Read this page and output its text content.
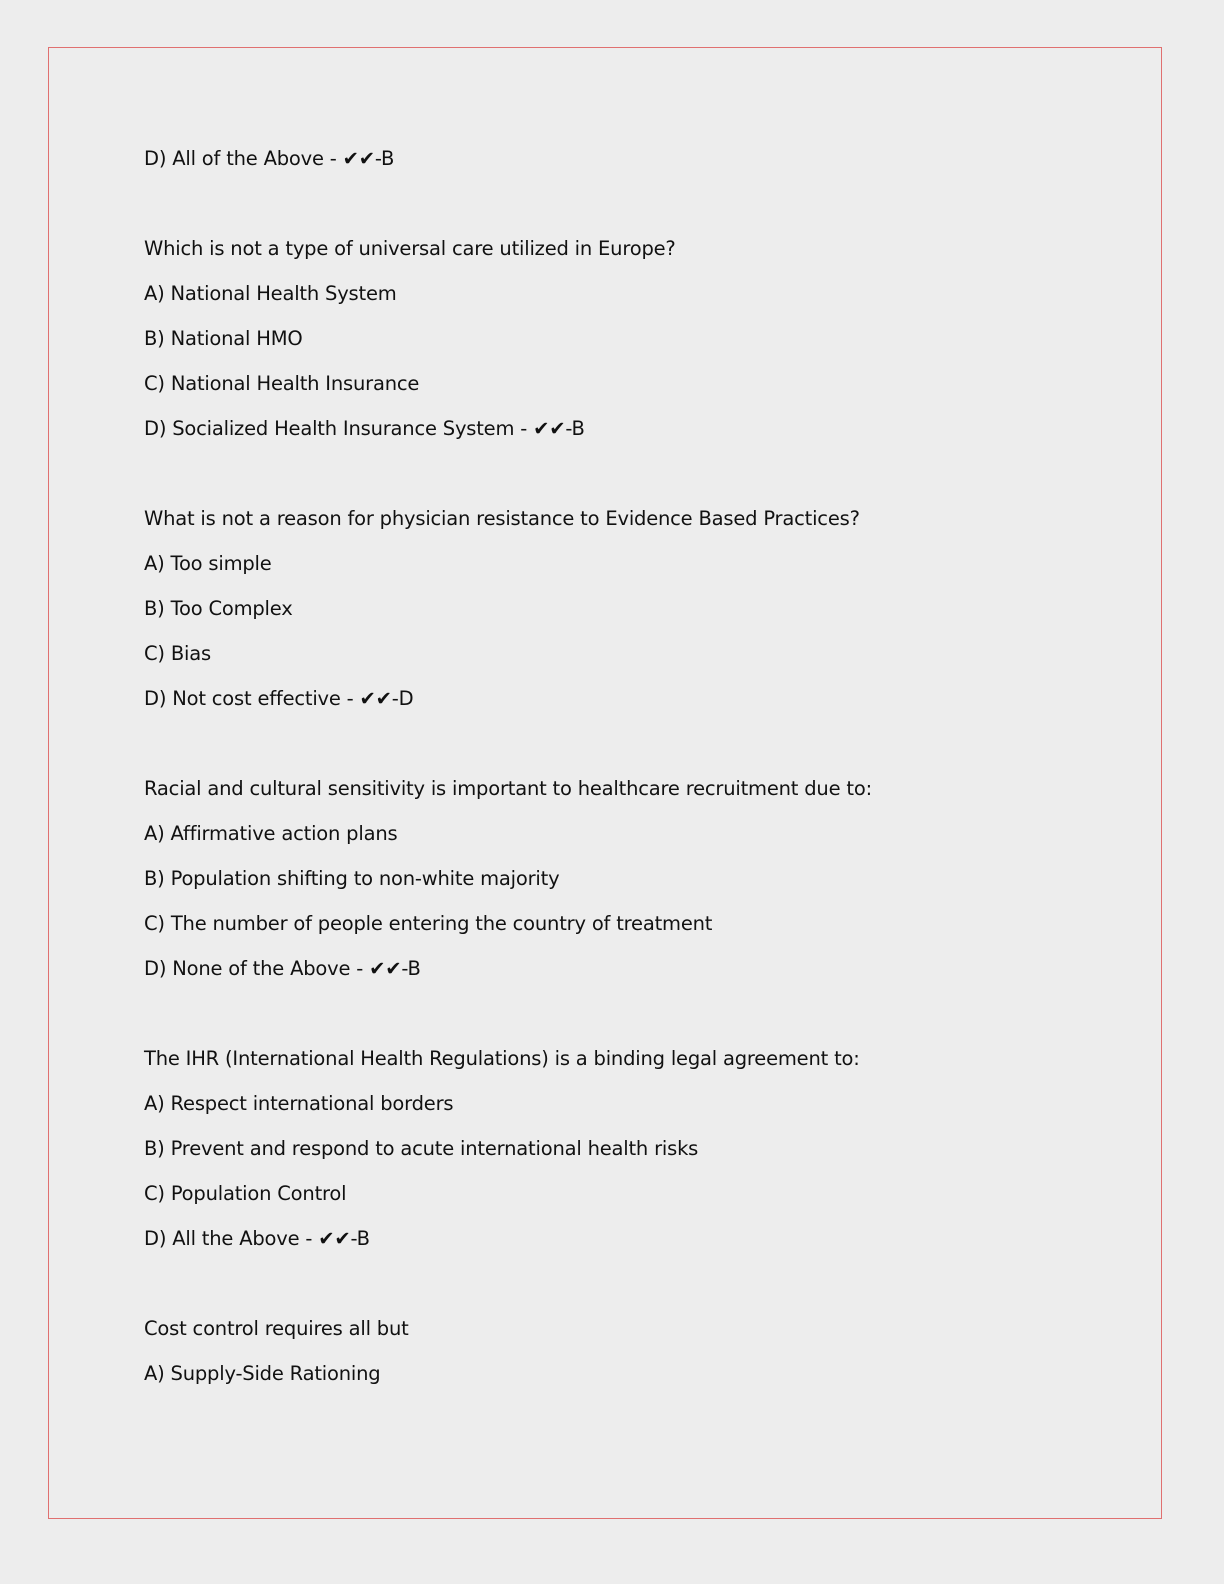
D) All of the Above - ✔✔-B

Which is not a type of universal care utilized in Europe?

A) National Health System

B) National HMO

C) National Health Insurance

D) Socialized Health Insurance System - ✔✔-B

What is not a reason for physician resistance to Evidence Based Practices?

A) Too simple

B) Too Complex

C) Bias

D) Not cost effective - ✔✔-D

Racial and cultural sensitivity is important to healthcare recruitment due to:

A) Affirmative action plans

B) Population shifting to non-white majority

C) The number of people entering the country of treatment

D) None of the Above - ✔✔-B

The IHR (International Health Regulations) is a binding legal agreement to:

A) Respect international borders

B) Prevent and respond to acute international health risks

C) Population Control

D) All the Above - ✔✔-B

Cost control requires all but

A) Supply-Side Rationing
